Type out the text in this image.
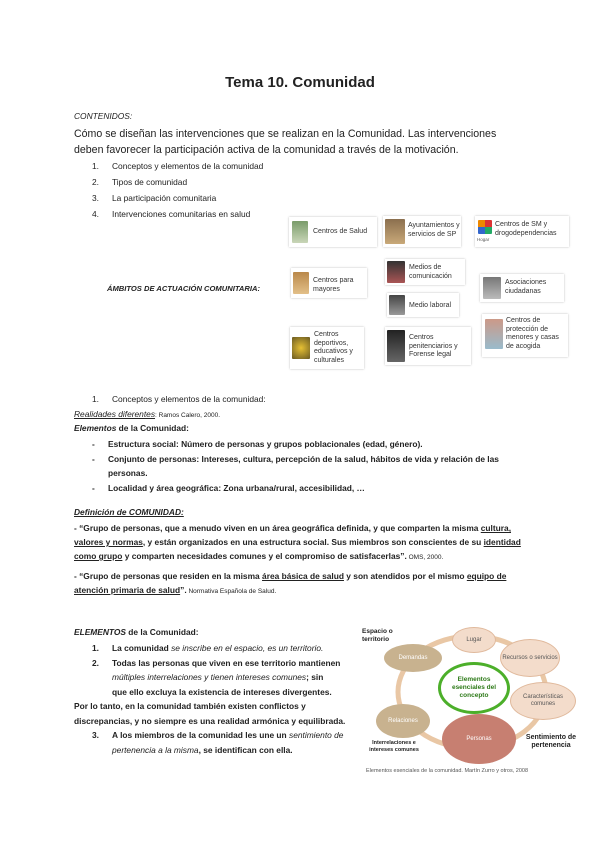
Tema 10. Comunidad
CONTENIDOS:
Cómo se diseñan las intervenciones que se realizan en la Comunidad. Las intervenciones
deben favorecer la participación activa de la comunidad a través de la motivación.
1. Conceptos y elementos de la comunidad
2. Tipos de comunidad
3. La participación comunitaria
4. Intervenciones comunitarias en salud
ÁMBITOS DE ACTUACIÓN COMUNITARIA:
Centros de Salud
Ayuntamientos y servicios de SP
Centros de SM y drogodependencias
Hogar
Medios de comunicación
Centros para mayores
Asociaciones ciudadanas
Medio laboral
Centros de protección de menores y casas de acogida
Centros deportivos, educativos y culturales
Centros penitenciarios y Forense legal
1. Conceptos y elementos de la comunidad:
Realidades diferentes: Ramos Calero, 2000.
Elementos de la Comunidad:
- Estructura social: Número de personas y grupos poblacionales (edad, género).
- Conjunto de personas: Intereses, cultura, percepción de la salud, hábitos de vida y relación de las
personas.
- Localidad y área geográfica: Zona urbana/rural, accesibilidad, …
Definición de COMUNIDAD:
- “Grupo de personas, que a menudo viven en un área geográfica definida, y que comparten la misma cultura,
valores y normas, y están organizados en una estructura social. Sus miembros son conscientes de su identidad
como grupo y comparten necesidades comunes y el compromiso de satisfacerlas”. OMS, 2000.
- “Grupo de personas que residen en la misma área básica de salud y son atendidos por el mismo equipo de
atención primaria de salud”. Normativa Española de Salud.
ELEMENTOS de la Comunidad:
1. La comunidad se inscribe en el espacio, es un territorio.
2. Todas las personas que viven en ese territorio mantienen
múltiples interrelaciones y tienen intereses comunes; sin
que ello excluya la existencia de intereses divergentes.
Por lo tanto, en la comunidad también existen conflictos y
discrepancias, y no siempre es una realidad armónica y equilibrada.
3. A los miembros de la comunidad les une un sentimiento de
pertenencia a la misma, se identifican con ella.
Espacio o territorio
Sentimiento de pertenencia
Interrelaciones e intereses comunes
Elementos esenciales del concepto
Lugar
Recursos o servicios
Características comunes
Personas
Relaciones
Demandas
Elementos esenciales de la comunidad. Martín Zurro y otros, 2008
